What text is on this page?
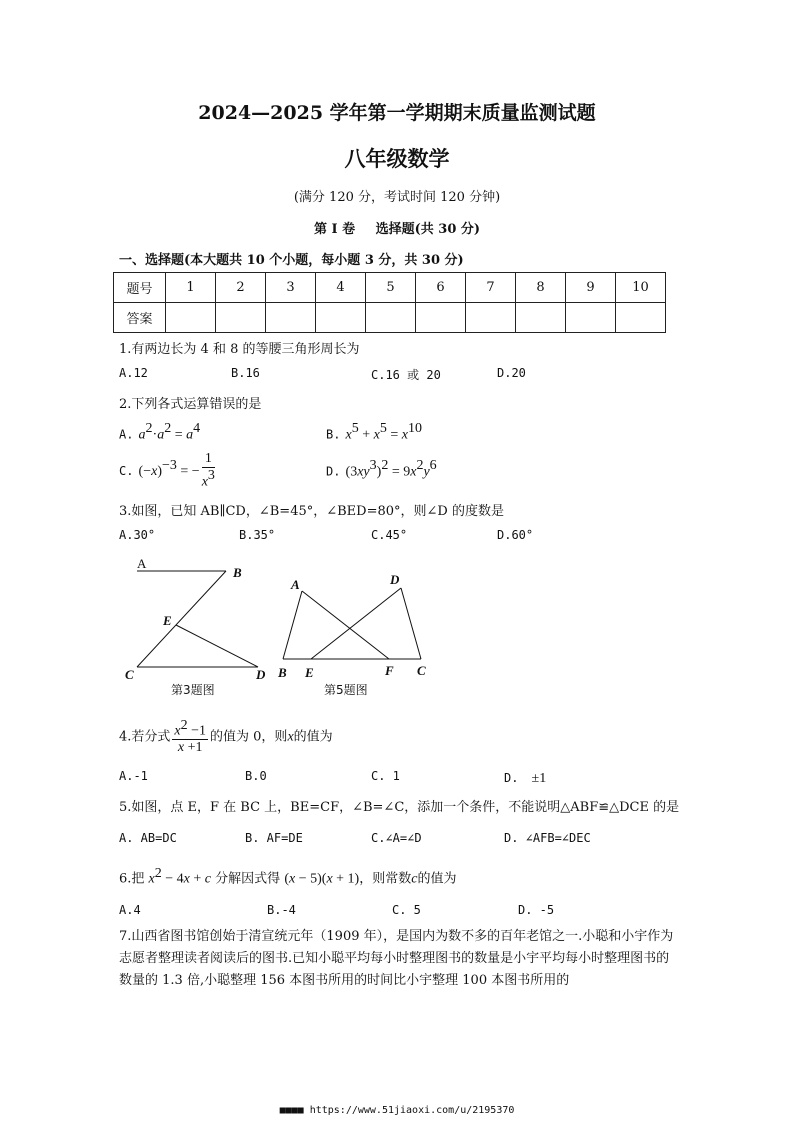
2024—2025 学年第一学期期末质量监测试题
八年级数学
(满分 120 分，考试时间 120 分钟)
第 I 卷 选择题(共 30 分)
一、选择题(本大题共 10 个小题，每小题 3 分，共 30 分)
题号	1	2	3	4	5	6	7	8	9	10
答案										
1.有两边长为 4 和 8 的等腰三角形周长为
A.12	B.16	C.16 或 20	D.20
2.下列各式运算错误的是
A. $a^2\cdot a^2 = a^4$	B. $x^5 + x^5 = x^{10}$
C. $(-x)^{-3}$ = − $\frac{1}{x^3}$	D. $(3xy^3)^2 = 9x^2y^6$
3.如图，已知 AB∥CD，∠B=45°，∠BED=80°，则∠D 的度数是
A.30°	B.35°	C.45°	D.60°
A
B
E
C	D
第3题图
A	D
B E	F C
第5题图
4.若分式 $\frac{x^2 -1}{x +1}$ 的值为 0，则x的值为
A.-1	B.0	C. 1	D. ±1
5.如图，点 E，F 在 BC 上，BE=CF，∠B=∠C，添加一个条件，不能说明△ABF≌△DCE 的是
A. AB=DC	B. AF=DE	C.∠A=∠D	D. ∠AFB=∠DEC
6.把 $x^2 - 4x + c$ 分解因式得 (x − 5)(x + 1)，则常数c的值为
A.4	B.-4	C. 5	D. -5
7.山西省图书馆创始于清宣统元年（1909 年），是国内为数不多的百年老馆之一.小聪和小宇作为志愿者整理读者阅读后的图书.已知小聪平均每小时整理图书的数量是小宇平均每小时整理图书的数量的 1.3 倍,小聪整理 156 本图书所用的时间比小宇整理 100 本图书所用的
■■■■ https://www.51jiaoxi.com/u/2195370
